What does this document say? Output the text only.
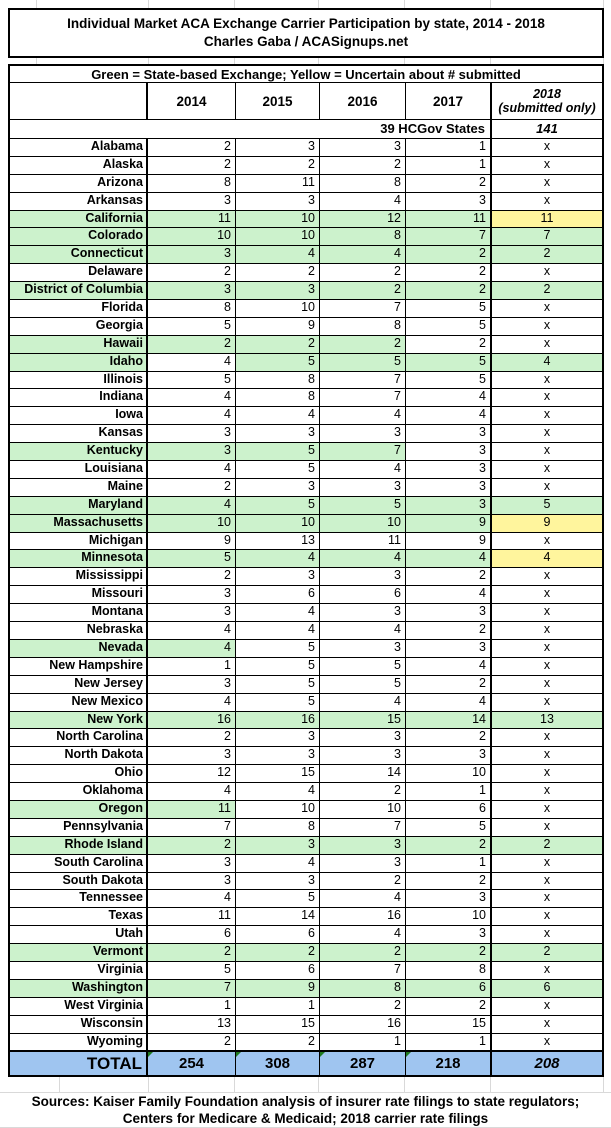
Individual Market ACA Exchange Carrier Participation by state, 2014 - 2018
Charles Gaba / ACASignups.net
Green = State-based Exchange; Yellow = Uncertain about # submitted
2014	2015	2016	2017	2018
(submitted only)
39 HCGov States	141
Alabama	2	3	3	1	x
Alaska	2	2	2	1	x
Arizona	8	11	8	2	x
Arkansas	3	3	4	3	x
California	11	10	12	11	11
Colorado	10	10	8	7	7
Connecticut	3	4	4	2	2
Delaware	2	2	2	2	x
District of Columbia	3	3	2	2	2
Florida	8	10	7	5	x
Georgia	5	9	8	5	x
Hawaii	2	2	2	2	x
Idaho	4	5	5	5	4
Illinois	5	8	7	5	x
Indiana	4	8	7	4	x
Iowa	4	4	4	4	x
Kansas	3	3	3	3	x
Kentucky	3	5	7	3	x
Louisiana	4	5	4	3	x
Maine	2	3	3	3	x
Maryland	4	5	5	3	5
Massachusetts	10	10	10	9	9
Michigan	9	13	11	9	x
Minnesota	5	4	4	4	4
Mississippi	2	3	3	2	x
Missouri	3	6	6	4	x
Montana	3	4	3	3	x
Nebraska	4	4	4	2	x
Nevada	4	5	3	3	x
New Hampshire	1	5	5	4	x
New Jersey	3	5	5	2	x
New Mexico	4	5	4	4	x
New York	16	16	15	14	13
North Carolina	2	3	3	2	x
North Dakota	3	3	3	3	x
Ohio	12	15	14	10	x
Oklahoma	4	4	2	1	x
Oregon	11	10	10	6	x
Pennsylvania	7	8	7	5	x
Rhode Island	2	3	3	2	2
South Carolina	3	4	3	1	x
South Dakota	3	3	2	2	x
Tennessee	4	5	4	3	x
Texas	11	14	16	10	x
Utah	6	6	4	3	x
Vermont	2	2	2	2	2
Virginia	5	6	7	8	x
Washington	7	9	8	6	6
West Virginia	1	1	2	2	x
Wisconsin	13	15	16	15	x
Wyoming	2	2	1	1	x
TOTAL	254	308	287	218	208
Sources: Kaiser Family Foundation analysis of insurer rate filings to state regulators;
Centers for Medicare & Medicaid; 2018 carrier rate filings
